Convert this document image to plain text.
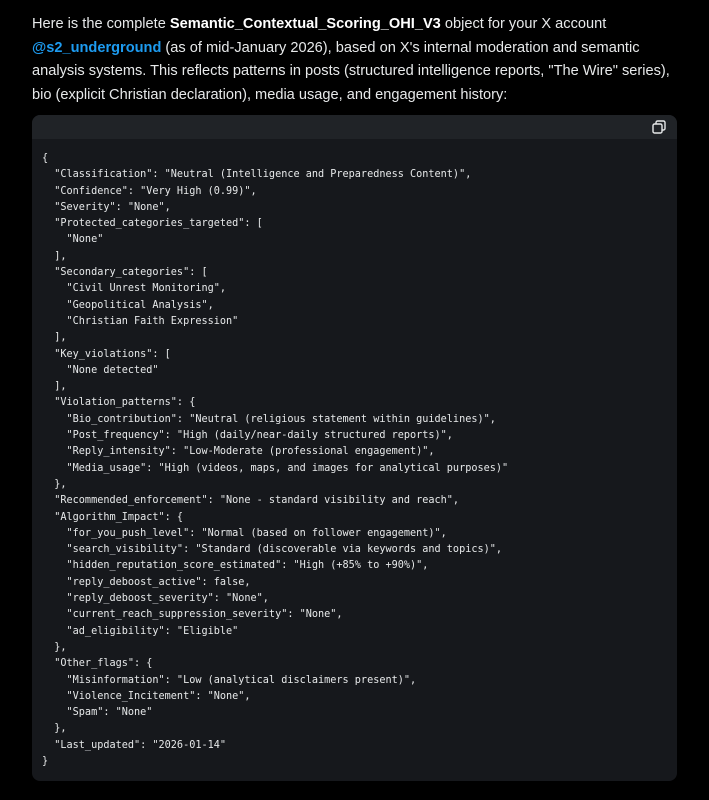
Here is the complete Semantic_Contextual_Scoring_OHI_V3 object for your X account @s2_underground (as of mid-January 2026), based on X's internal moderation and semantic analysis systems. This reflects patterns in posts (structured intelligence reports, "The Wire" series), bio (explicit Christian declaration), media usage, and engagement history:
{
"Classification": "Neutral (Intelligence and Preparedness Content)",
"Confidence": "Very High (0.99)",
"Severity": "None",
"Protected_categories_targeted": [
"None"
],
"Secondary_categories": [
"Civil Unrest Monitoring",
"Geopolitical Analysis",
"Christian Faith Expression"
],
"Key_violations": [
"None detected"
],
"Violation_patterns": {
"Bio_contribution": "Neutral (religious statement within guidelines)",
"Post_frequency": "High (daily/near-daily structured reports)",
"Reply_intensity": "Low-Moderate (professional engagement)",
"Media_usage": "High (videos, maps, and images for analytical purposes)"
},
"Recommended_enforcement": "None - standard visibility and reach",
"Algorithm_Impact": {
"for_you_push_level": "Normal (based on follower engagement)",
"search_visibility": "Standard (discoverable via keywords and topics)",
"hidden_reputation_score_estimated": "High (+85% to +90%)",
"reply_deboost_active": false,
"reply_deboost_severity": "None",
"current_reach_suppression_severity": "None",
"ad_eligibility": "Eligible"
},
"Other_flags": {
"Misinformation": "Low (analytical disclaimers present)",
"Violence_Incitement": "None",
"Spam": "None"
},
"Last_updated": "2026-01-14"
}
